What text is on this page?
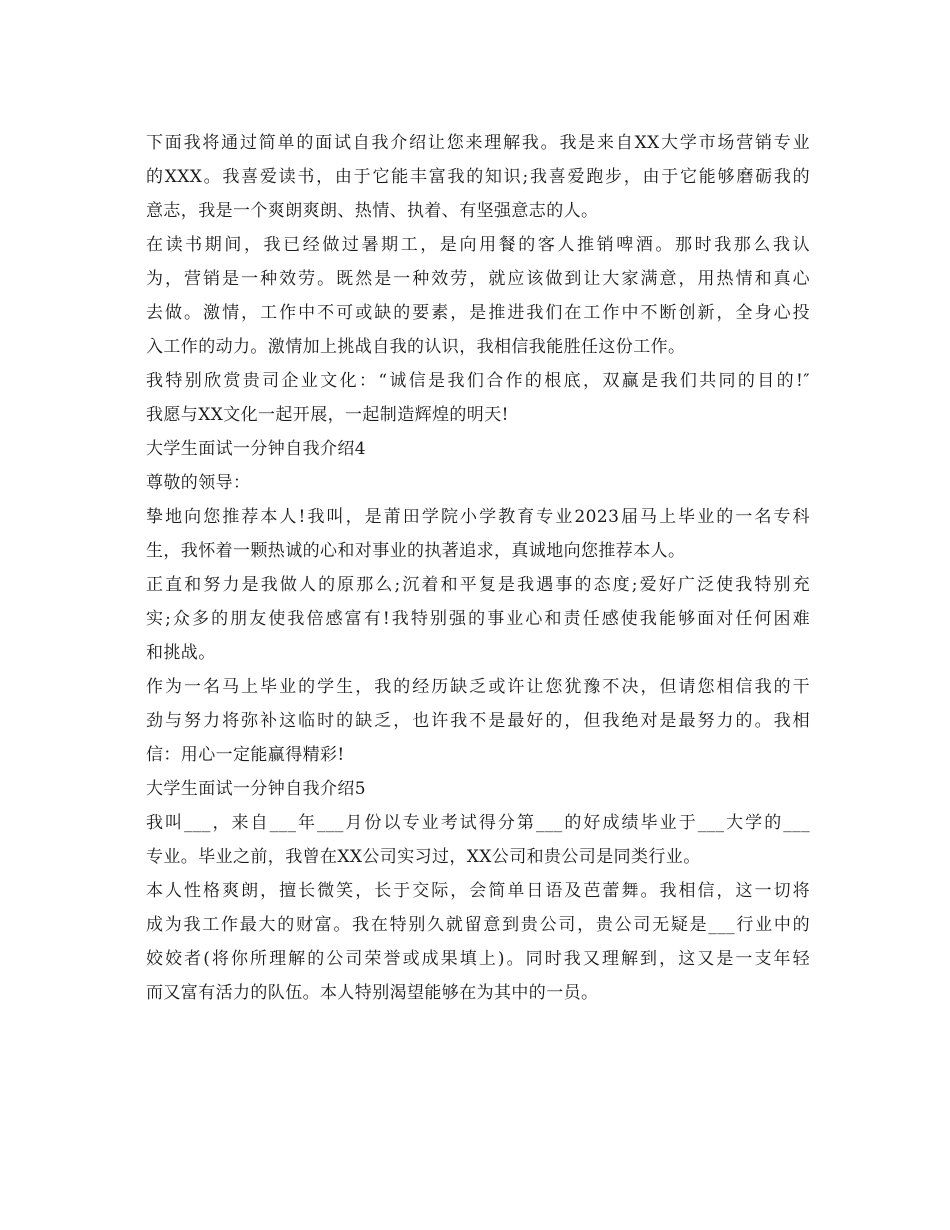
下面我将通过简单的面试自我介绍让您来理解我。我是来自XX大学市场营销专业
的XXX。我喜爱读书，由于它能丰富我的知识;我喜爱跑步，由于它能够磨砺我的
意志，我是一个爽朗爽朗、热情、执着、有坚强意志的人。
在读书期间，我已经做过暑期工，是向用餐的客人推销啤酒。那时我那么我认
为，营销是一种效劳。既然是一种效劳，就应该做到让大家满意，用热情和真心
去做。激情，工作中不可或缺的要素，是推进我们在工作中不断创新，全身心投
入工作的动力。激情加上挑战自我的认识，我相信我能胜任这份工作。
我特别欣赏贵司企业文化：“诚信是我们合作的根底，双赢是我们共同的目的!″
我愿与XX文化一起开展，一起制造辉煌的明天!
大学生面试一分钟自我介绍4
尊敬的领导：
挚地向您推荐本人!我叫，是莆田学院小学教育专业2023届马上毕业的一名专科
生，我怀着一颗热诚的心和对事业的执著追求，真诚地向您推荐本人。
正直和努力是我做人的原那么;沉着和平复是我遇事的态度;爱好广泛使我特别充
实;众多的朋友使我倍感富有!我特别强的事业心和责任感使我能够面对任何困难
和挑战。
作为一名马上毕业的学生，我的经历缺乏或许让您犹豫不决，但请您相信我的干
劲与努力将弥补这临时的缺乏，也许我不是最好的，但我绝对是最努力的。我相
信：用心一定能赢得精彩!
大学生面试一分钟自我介绍5
我叫___，来自___年___月份以专业考试得分第___的好成绩毕业于___大学的___
专业。毕业之前，我曾在XX公司实习过，XX公司和贵公司是同类行业。
本人性格爽朗，擅长微笑，长于交际，会简单日语及芭蕾舞。我相信，这一切将
成为我工作最大的财富。我在特别久就留意到贵公司，贵公司无疑是___行业中的
姣姣者(将你所理解的公司荣誉或成果填上)。同时我又理解到，这又是一支年轻
而又富有活力的队伍。本人特别渴望能够在为其中的一员。
